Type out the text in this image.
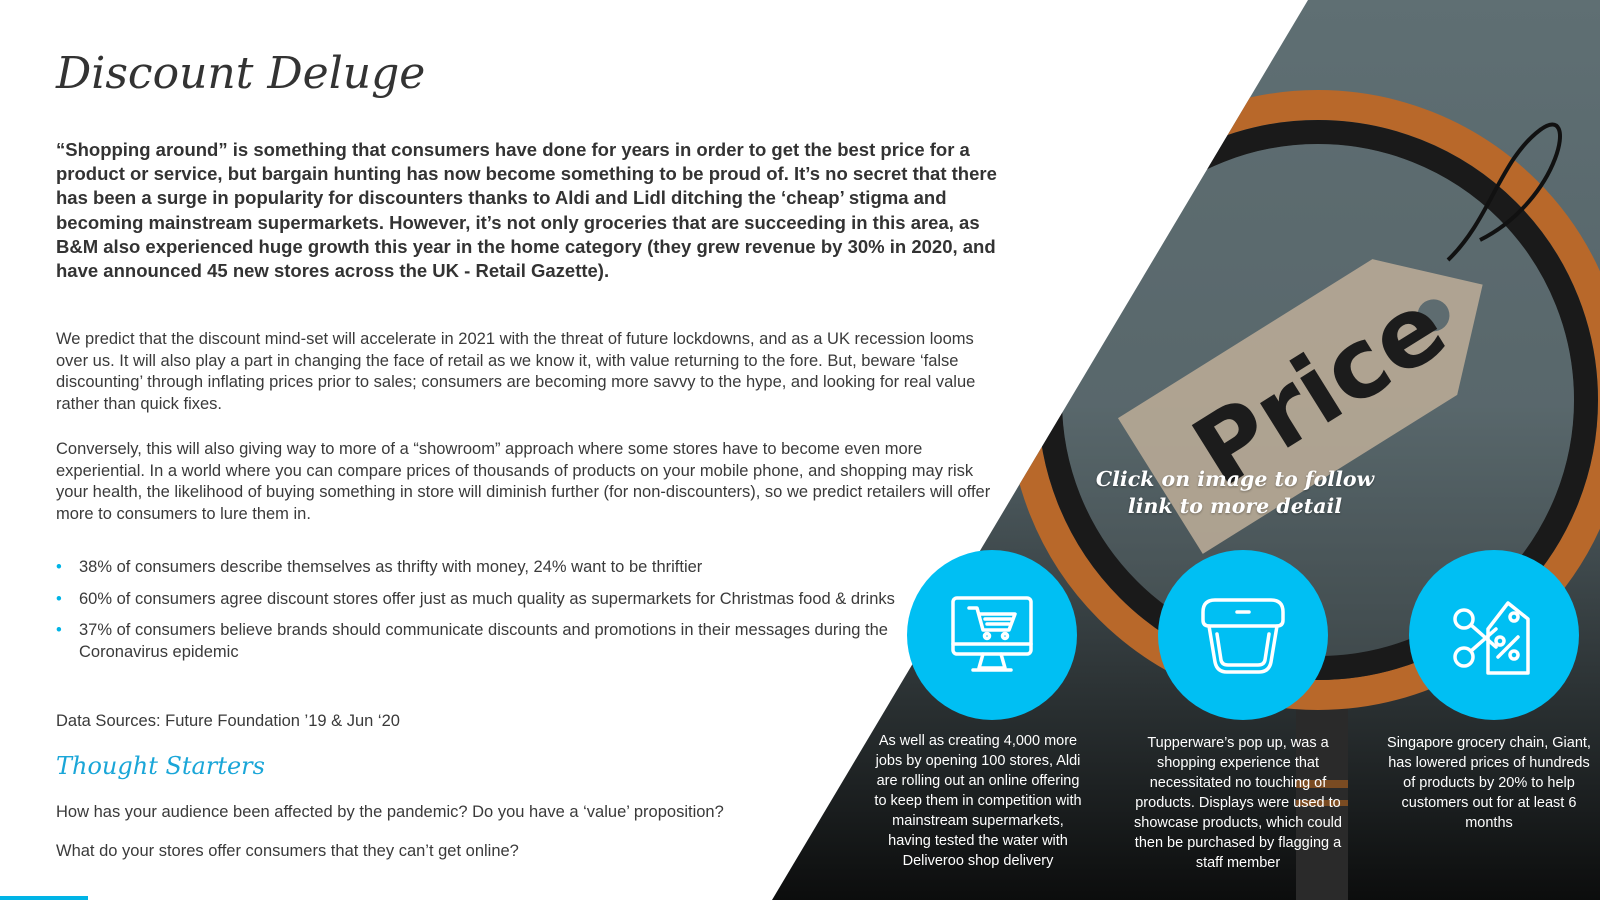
Price
Discount Deluge

“Shopping around” is something that consumers have done for years in order to get the best price for a product or service, but bargain hunting has now become something to be proud of. It’s no secret that there has been a surge in popularity for discounters thanks to Aldi and Lidl ditching the ‘cheap’ stigma and becoming mainstream supermarkets. However, it’s not only groceries that are succeeding in this area, as B&M also experienced huge growth this year in the home category (they grew revenue by 30% in 2020, and have announced 45 new stores across the UK - Retail Gazette).

We predict that the discount mind-set will accelerate in 2021 with the threat of future lockdowns, and as a UK recession looms over us. It will also play a part in changing the face of retail as we know it, with value returning to the fore. But, beware ‘false discounting’ through inflating prices prior to sales; consumers are becoming more savvy to the hype, and looking for real value rather than quick fixes.

Conversely, this will also giving way to more of a “showroom” approach where some stores have to become even more experiential. In a world where you can compare prices of thousands of products on your mobile phone, and shopping may risk your health, the likelihood of buying something in store will diminish further (for non-discounters), so we predict retailers will offer more to consumers to lure them in.

• 38% of consumers describe themselves as thrifty with money, 24% want to be thriftier
• 60% of consumers agree discount stores offer just as much quality as supermarkets for Christmas food & drinks
• 37% of consumers believe brands should communicate discounts and promotions in their messages during the Coronavirus epidemic

Data Sources: Future Foundation ’19 & Jun ‘20

Thought Starters

How has your audience been affected by the pandemic? Do you have a ‘value’ proposition?

What do your stores offer consumers that they can’t get online?

Click on image to follow link to more detail

As well as creating 4,000 more jobs by opening 100 stores, Aldi are rolling out an online offering to keep them in competition with mainstream supermarkets, having tested the water with Deliveroo shop delivery

Tupperware’s pop up, was a shopping experience that necessitated no touching of products. Displays were used to showcase products, which could then be purchased by flagging a staff member

Singapore grocery chain, Giant, has lowered prices of hundreds of products by 20% to help customers out for at least 6 months
